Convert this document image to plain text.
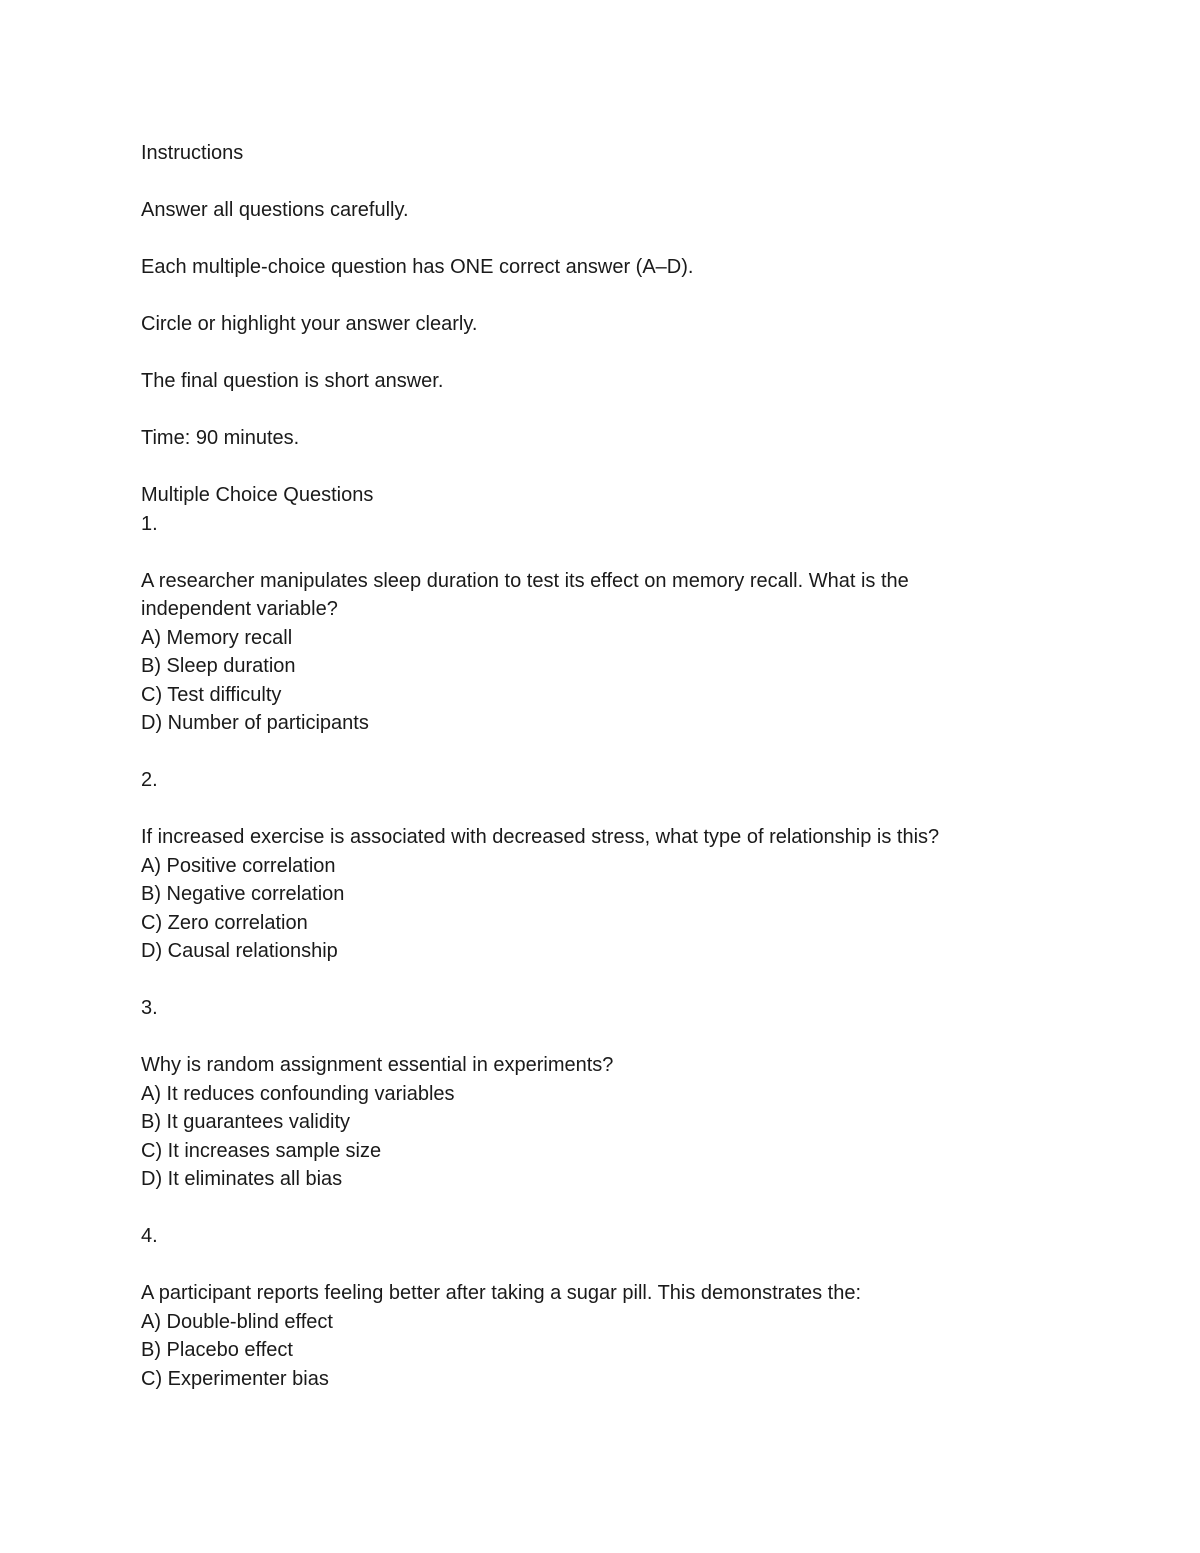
Instructions
Answer all questions carefully.
Each multiple-choice question has ONE correct answer (A–D).
Circle or highlight your answer clearly.
The final question is short answer.
Time: 90 minutes.
Multiple Choice Questions
1.
A researcher manipulates sleep duration to test its effect on memory recall. What is the independent variable?
A) Memory recall
B) Sleep duration
C) Test difficulty
D) Number of participants
2.
If increased exercise is associated with decreased stress, what type of relationship is this?
A) Positive correlation
B) Negative correlation
C) Zero correlation
D) Causal relationship
3.
Why is random assignment essential in experiments?
A) It reduces confounding variables
B) It guarantees validity
C) It increases sample size
D) It eliminates all bias
4.
A participant reports feeling better after taking a sugar pill. This demonstrates the:
A) Double-blind effect
B) Placebo effect
C) Experimenter bias
